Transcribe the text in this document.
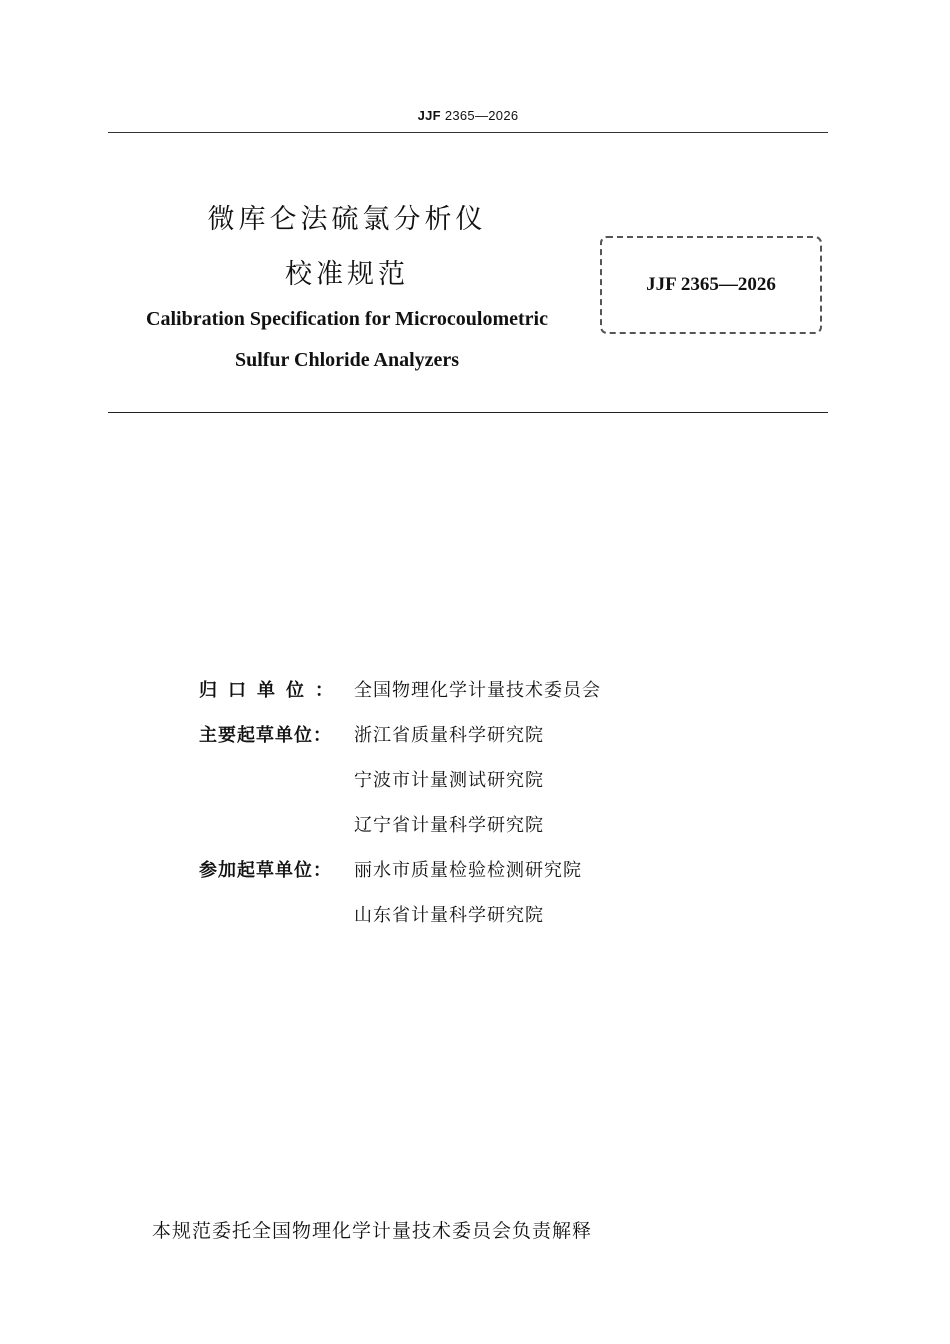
JJF 2365—2026
微库仑法硫氯分析仪
校准规范
Calibration Specification for Microcoulometric
Sulfur Chloride Analyzers
JJF 2365—2026
归口单位： 全国物理化学计量技术委员会
主要起草单位：	浙江省质量科学研究院
宁波市计量测试研究院
辽宁省计量科学研究院
参加起草单位：	丽水市质量检验检测研究院
山东省计量科学研究院
本规范委托全国物理化学计量技术委员会负责解释
